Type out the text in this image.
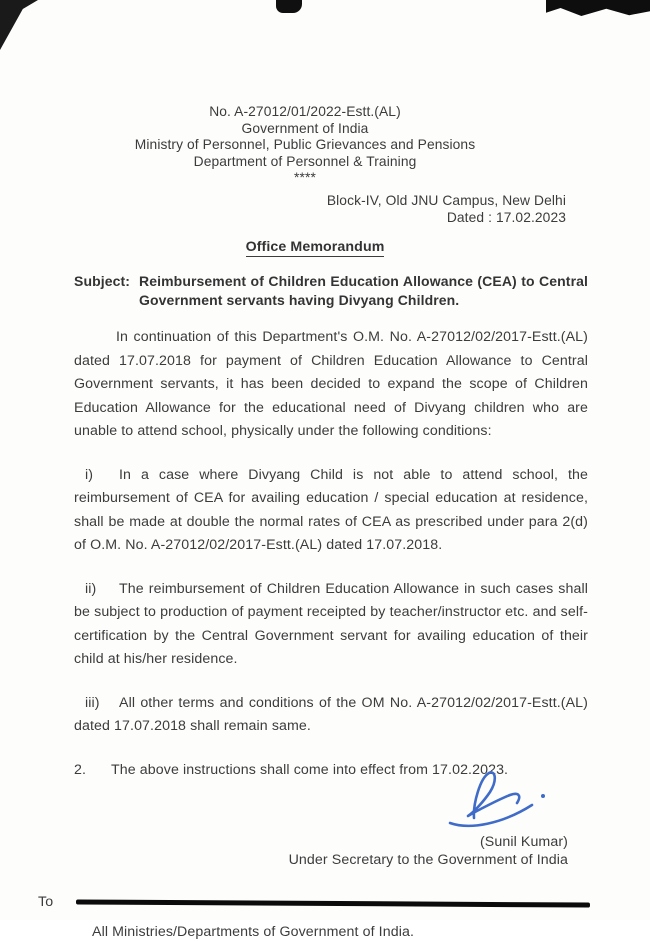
No. A-27012/01/2022-Estt.(AL)
Government of India
Ministry of Personnel, Public Grievances and Pensions
Department of Personnel & Training
****
Block-IV, Old JNU Campus, New Delhi
Dated : 17.02.2023
Office Memorandum
Subject: Reimbursement of Children Education Allowance (CEA) to Central Government servants having Divyang Children.

In continuation of this Department's O.M. No. A-27012/02/2017-Estt.(AL) dated 17.07.2018 for payment of Children Education Allowance to Central Government servants, it has been decided to expand the scope of Children Education Allowance for the educational need of Divyang children who are unable to attend school, physically under the following conditions:

i) In a case where Divyang Child is not able to attend school, the reimbursement of CEA for availing education / special education at residence, shall be made at double the normal rates of CEA as prescribed under para 2(d) of O.M. No. A-27012/02/2017-Estt.(AL) dated 17.07.2018.

ii) The reimbursement of Children Education Allowance in such cases shall be subject to production of payment receipted by teacher/instructor etc. and self-certification by the Central Government servant for availing education of their child at his/her residence.

iii) All other terms and conditions of the OM No. A-27012/02/2017-Estt.(AL) dated 17.07.2018 shall remain same.

2. The above instructions shall come into effect from 17.02.2023.

(Sunil Kumar)
Under Secretary to the Government of India
To
All Ministries/Departments of Government of India.
